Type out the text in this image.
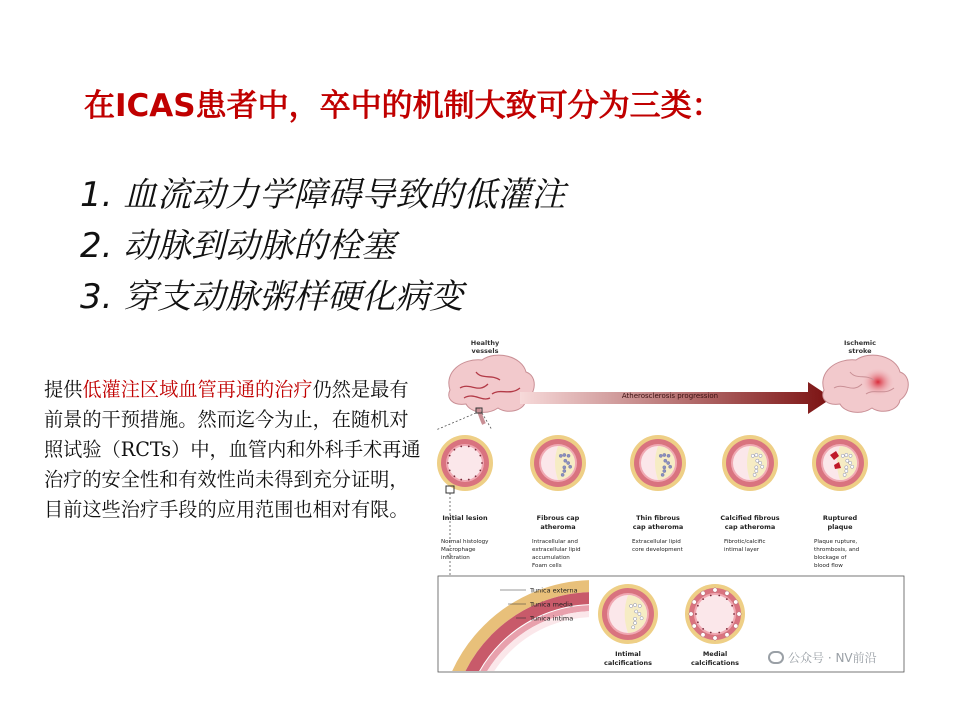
在ICAS患者中，卒中的机制大致可分为三类：
1. 血流动力学障碍导致的低灌注
2. 动脉到动脉的栓塞
3. 穿支动脉粥样硬化病变
提供低灌注区域血管再通的治疗仍然是最有前景的干预措施。然而迄今为止，在随机对照试验（RCTs）中，血管内和外科手术再通治疗的安全性和有效性尚未得到充分证明，目前这些治疗手段的应用范围也相对有限。
Healthy
vessels
Ischemic
stroke
Atherosclerosis progression
Initial lesion
Normal histology
Macrophage
infiltration
Fibrous cap
atheroma
Intracellular and
extracellular lipid
accumulation
Foam cells
Thin fibrous
cap atheroma
Extracellular lipid
core development
Calcified fibrous
cap atheroma
Fibrotic/calcific
intimal layer
Ruptured
plaque
Plaque rupture,
thrombosis, and
blockage of
blood flow
Tunica externa
Tunica media
Tunica intima
Intimal
calcifications
Medial
calcifications	公众号 · NV前沿
